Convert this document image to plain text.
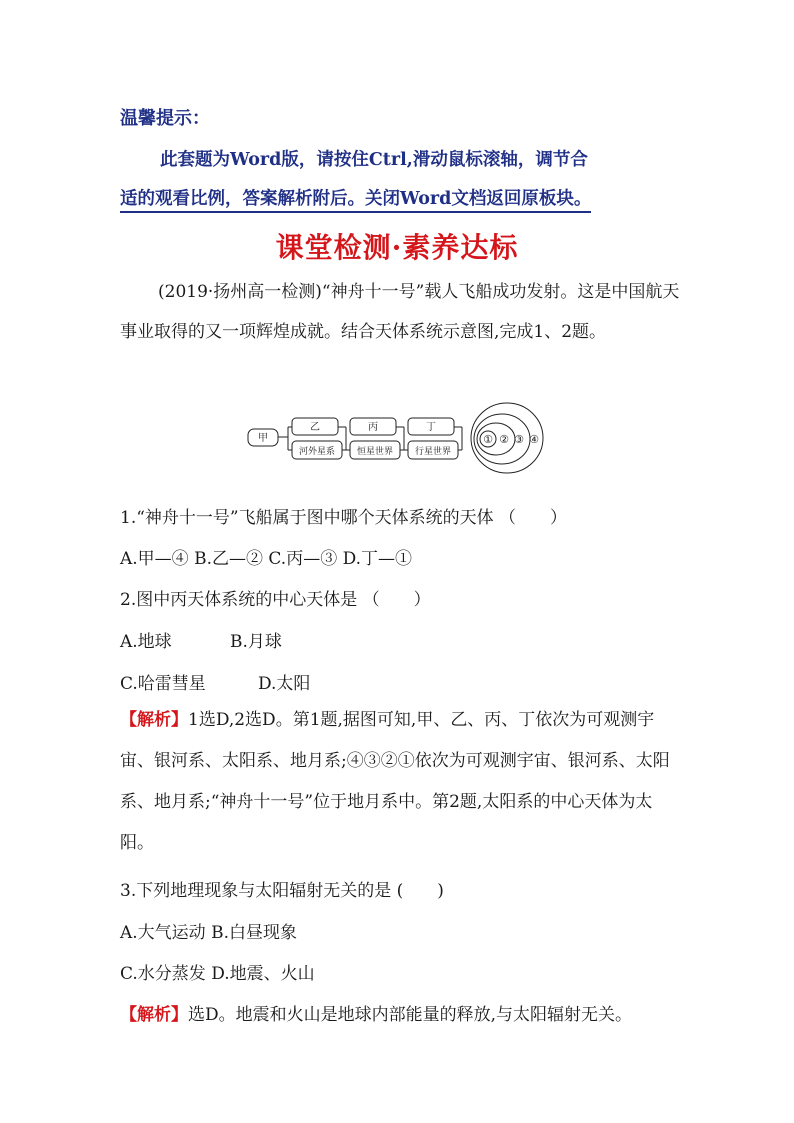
温馨提示：
此套题为Word版，请按住Ctrl,滑动鼠标滚轴，调节合
适的观看比例，答案解析附后。关闭Word文档返回原板块。
课堂检测·素养达标
(2019·扬州高一检测)“神舟十一号”载人飞船成功发射。这是中国航天事业取得的又一项辉煌成就。结合天体系统示意图,完成1、2题。
甲
乙
河外星系
丙
恒星世界
丁
行星世界
① ② ③ ④
1.“神舟十一号”飞船属于图中哪个天体系统的天体 （　　）
A.甲—④ B.乙—② C.丙—③ D.丁—①
2.图中丙天体系统的中心天体是 （　　）
A.地球	B.月球
C.哈雷彗星	D.太阳
【解析】1选D,2选D。第1题,据图可知,甲、乙、丙、丁依次为可观测宇宙、银河系、太阳系、地月系;④③②①依次为可观测宇宙、银河系、太阳系、地月系;“神舟十一号”位于地月系中。第2题,太阳系的中心天体为太阳。
3.下列地理现象与太阳辐射无关的是 (　　)
A.大气运动 B.白昼现象
C.水分蒸发 D.地震、火山
【解析】选D。地震和火山是地球内部能量的释放,与太阳辐射无关。
